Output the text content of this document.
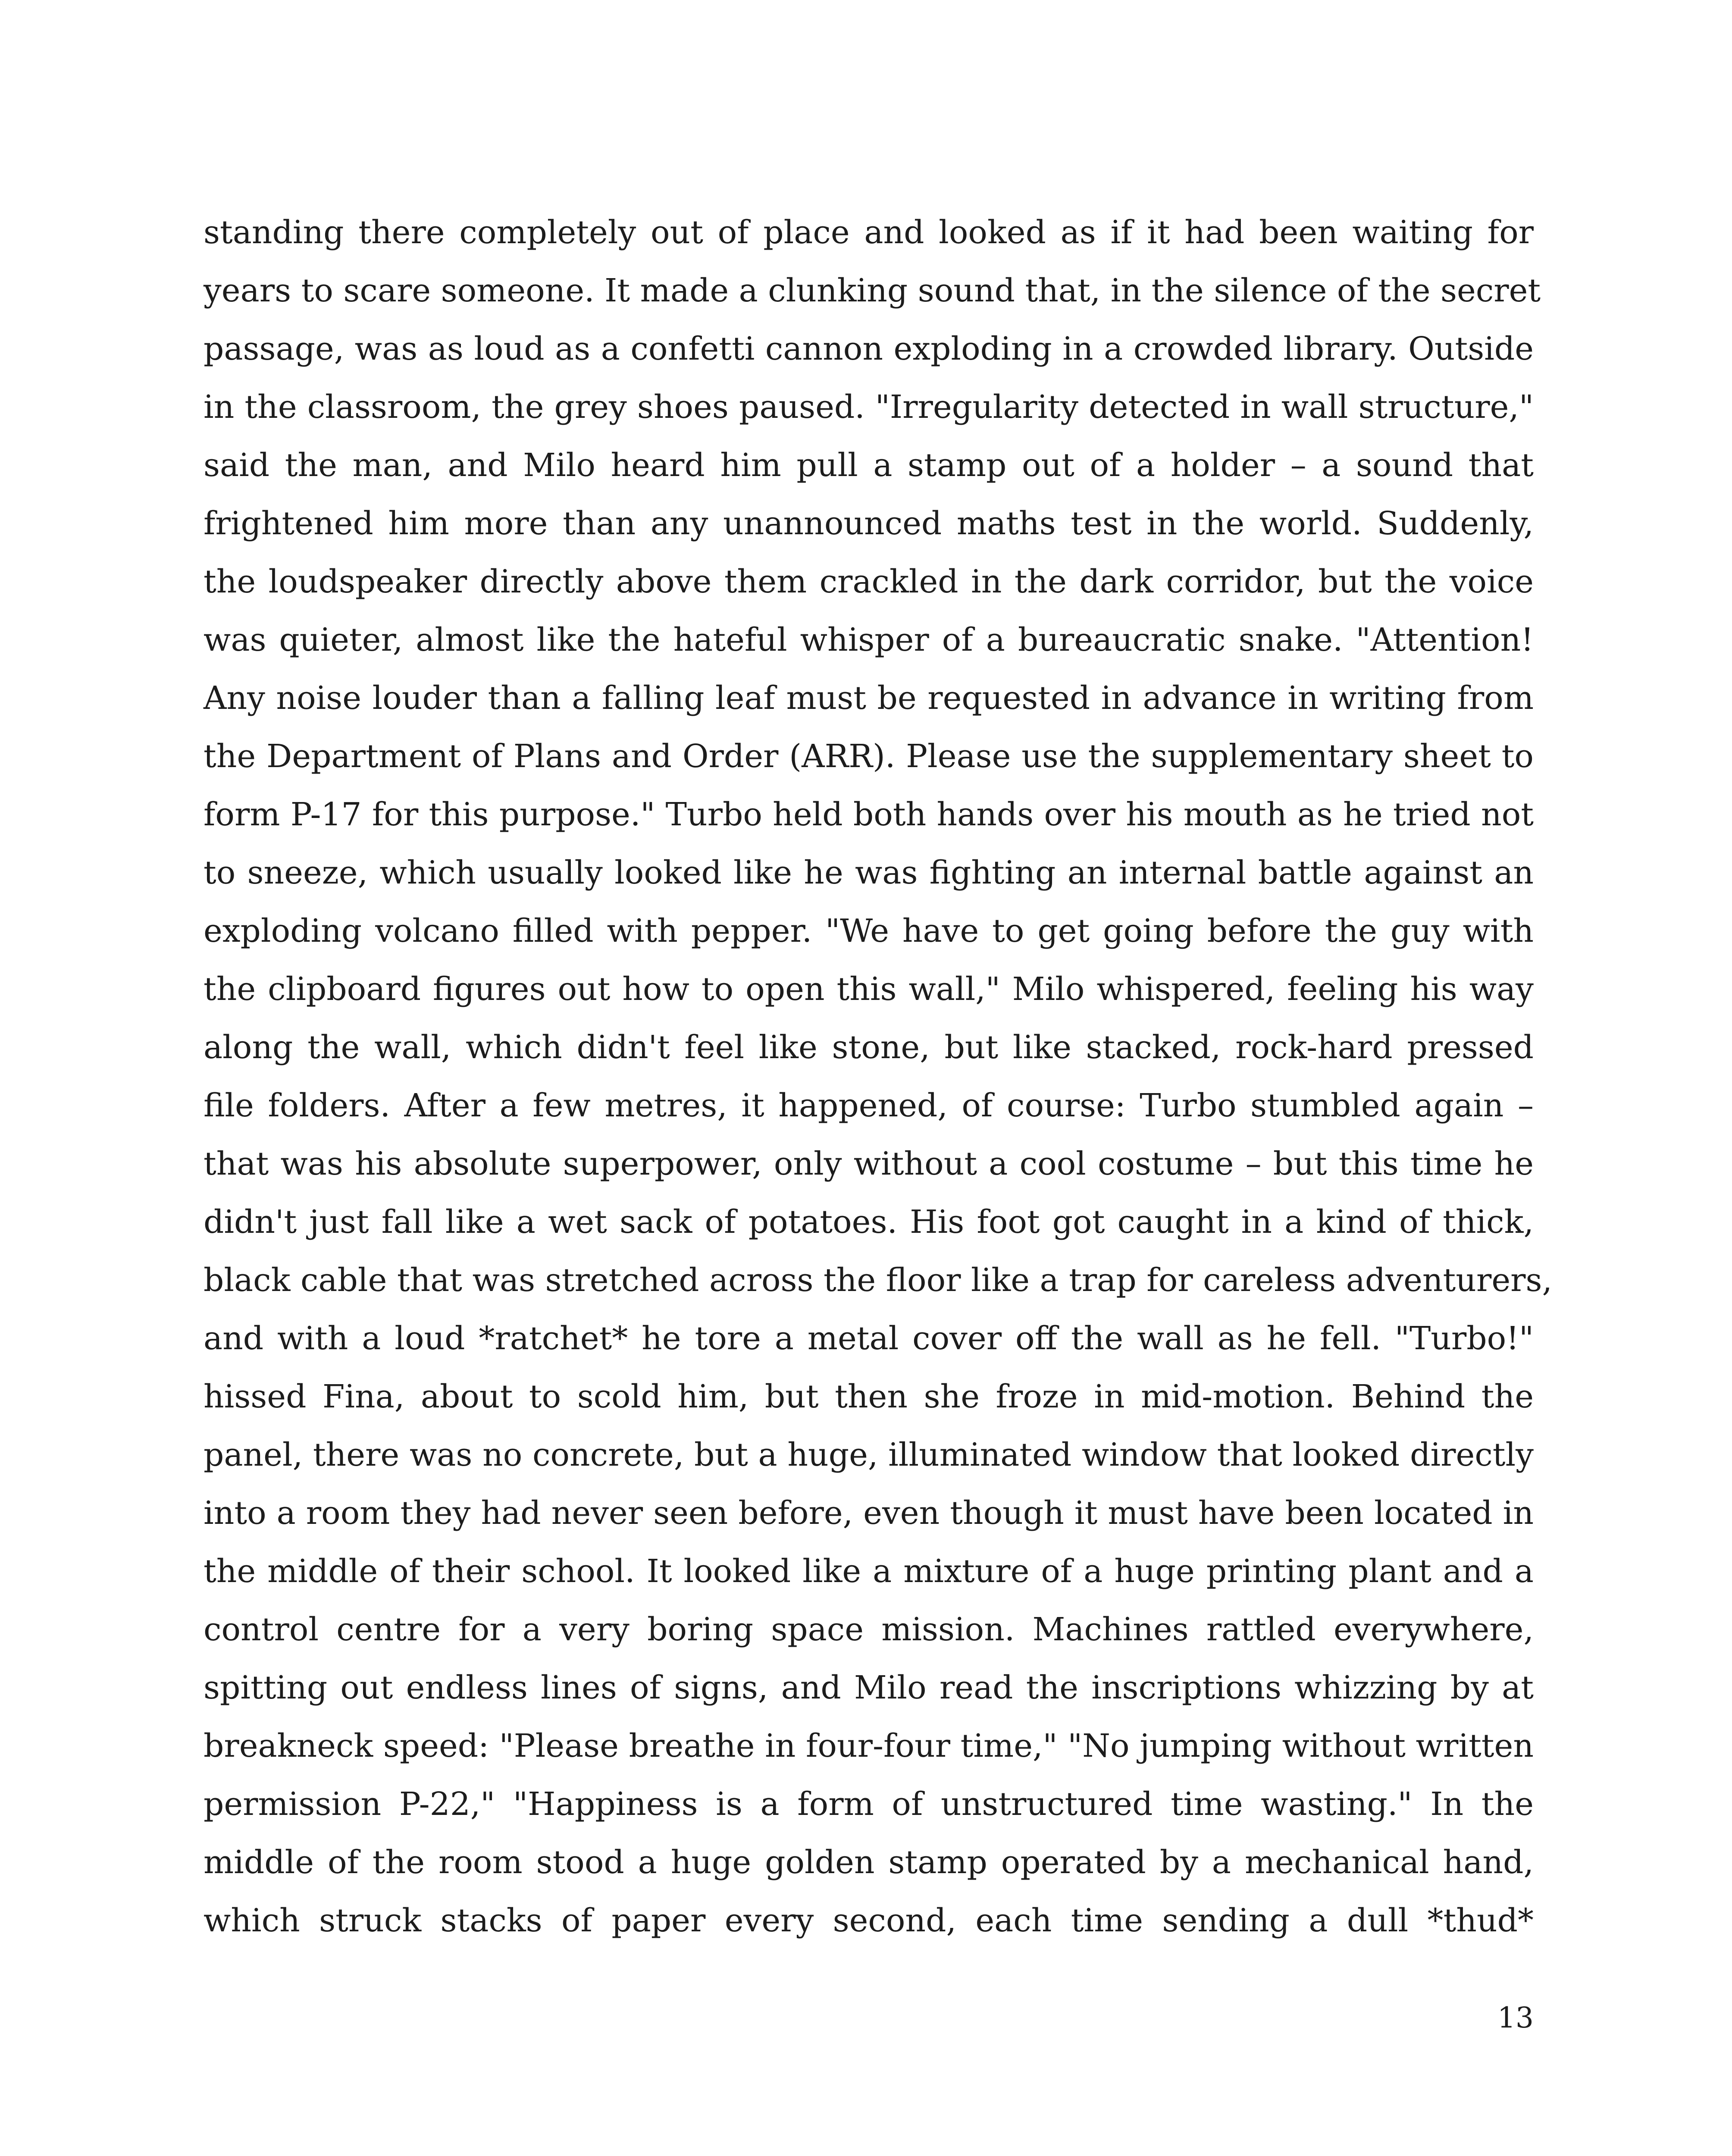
standing there completely out of place and looked as if it had been waiting for
years to scare someone. It made a clunking sound that, in the silence of the secret
passage, was as loud as a confetti cannon exploding in a crowded library. Outside
in the classroom, the grey shoes paused. "Irregularity detected in wall structure,"
said the man, and Milo heard him pull a stamp out of a holder – a sound that
frightened him more than any unannounced maths test in the world. Suddenly,
the loudspeaker directly above them crackled in the dark corridor, but the voice
was quieter, almost like the hateful whisper of a bureaucratic snake. "Attention!
Any noise louder than a falling leaf must be requested in advance in writing from
the Department of Plans and Order (ARR). Please use the supplementary sheet to
form P-17 for this purpose." Turbo held both hands over his mouth as he tried not
to sneeze, which usually looked like he was fighting an internal battle against an
exploding volcano filled with pepper. "We have to get going before the guy with
the clipboard figures out how to open this wall," Milo whispered, feeling his way
along the wall, which didn't feel like stone, but like stacked, rock-hard pressed
file folders. After a few metres, it happened, of course: Turbo stumbled again –
that was his absolute superpower, only without a cool costume – but this time he
didn't just fall like a wet sack of potatoes. His foot got caught in a kind of thick,
black cable that was stretched across the floor like a trap for careless adventurers,
and with a loud *ratchet* he tore a metal cover off the wall as he fell. "Turbo!"
hissed Fina, about to scold him, but then she froze in mid-motion. Behind the
panel, there was no concrete, but a huge, illuminated window that looked directly
into a room they had never seen before, even though it must have been located in
the middle of their school. It looked like a mixture of a huge printing plant and a
control centre for a very boring space mission. Machines rattled everywhere,
spitting out endless lines of signs, and Milo read the inscriptions whizzing by at
breakneck speed: "Please breathe in four-four time," "No jumping without written
permission P-22," "Happiness is a form of unstructured time wasting." In the
middle of the room stood a huge golden stamp operated by a mechanical hand,
which struck stacks of paper every second, each time sending a dull *thud*
13
